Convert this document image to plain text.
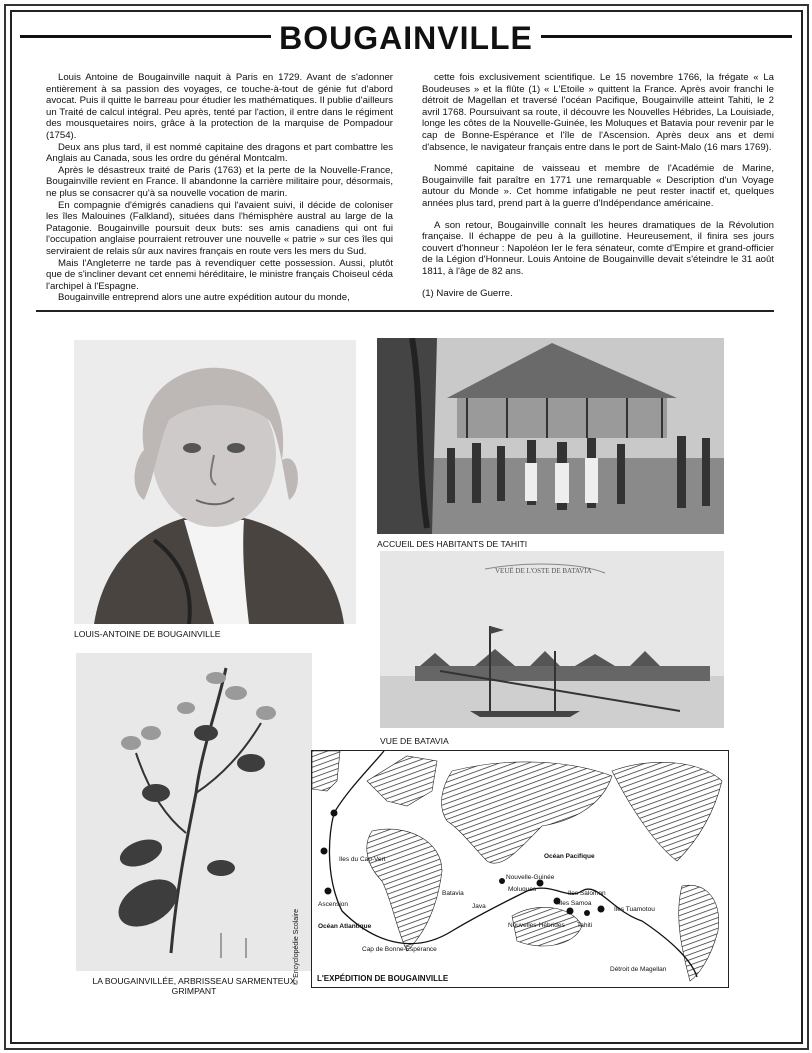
BOUGAINVILLE

Louis Antoine de Bougainville naquit à Paris en 1729. Avant de s'adonner entièrement à sa passion des voyages, ce touche-à-tout de génie fut d'abord avocat. Puis il quitte le barreau pour étudier les mathématiques. Il publie d'ailleurs un Traité de calcul intégral. Peu après, tenté par l'action, il entre dans le régiment des mousquetaires noirs, grâce à la protection de la marquise de Pompadour (1754).

Deux ans plus tard, il est nommé capitaine des dragons et part combattre les Anglais au Canada, sous les ordre du général Montcalm.

Après le désastreux traité de Paris (1763) et la perte de la Nouvelle-France, Bougainville revient en France. Il abandonne la carrière militaire pour, désormais, ne plus se consacrer qu'à sa nouvelle vocation de marin.

En compagnie d'émigrés canadiens qui l'avaient suivi, il décide de coloniser les îles Malouines (Falkland), situées dans l'hémisphère austral au large de la Patagonie. Bougainville poursuit deux buts: ses amis canadiens qui ont fui l'occupation anglaise pourraient retrouver une nouvelle « patrie » sur ces îles qui serviraient de relais sûr aux navires français en route vers les mers du Sud.

Mais l'Angleterre ne tarde pas à revendiquer cette possession. Aussi, plutôt que de s'incliner devant cet ennemi héréditaire, le ministre français Choiseul céda l'archipel à l'Espagne.

Bougainville entreprend alors une autre expédition autour du monde,

cette fois exclusivement scientifique. Le 15 novembre 1766, la frégate « La Boudeuses » et la flûte (1) « L'Etoile » quittent la France. Après avoir franchi le détroit de Magellan et traversé l'océan Pacifique, Bougainville atteint Tahiti, le 2 avril 1768. Poursuivant sa route, il découvre les Nouvelles Hébrides, La Louisiade, longe les côtes de la Nouvelle-Guinée, les Moluques et Batavia pour revenir par le cap de Bonne-Espérance et l'île de l'Ascension. Après deux ans et demi d'absence, le navigateur français entre dans le port de Saint-Malo (16 mars 1769).

Nommé capitaine de vaisseau et membre de l'Académie de Marine, Bougainville fait paraître en 1771 une remarquable « Description d'un Voyage autour du Monde ». Cet homme infatigable ne peut rester inactif et, quelques années plus tard, prend part à la guerre d'Indépendance américaine.

A son retour, Bougainville connaît les heures dramatiques de la Révolution française. Il échappe de peu à la guillotine. Heureusement, il finira ses jours couvert d'honneur : Napoléon Ier le fera sénateur, comte d'Empire et grand-officier de la Légion d'Honneur. Louis Antoine de Bougainville devait s'éteindre le 31 août 1811, à l'âge de 82 ans.

(1) Navire de Guerre.

LOUIS-ANTOINE DE BOUGAINVILLE
ACCUEIL DES HABITANTS DE TAHITI
VEUË DE L'OSTE DE BATAVIA
VUE DE BATAVIA
LA BOUGAINVILLÉE, ARBRISSEAU SARMENTEUX GRIMPANT
© Encyclopédie Scolaire
Iles du Cap-Vert
Ascension
Océan Atlantique
Cap de Bonne-Espérance
Batavia
Java
Océan Pacifique
Nouvelle-Guinée
Moluques
Iles Salomon
Iles Samoa
Tahiti
Iles Tuamotou
Nouvelles-Hébrides
Détroit de Magellan
L'EXPÉDITION DE BOUGAINVILLE
